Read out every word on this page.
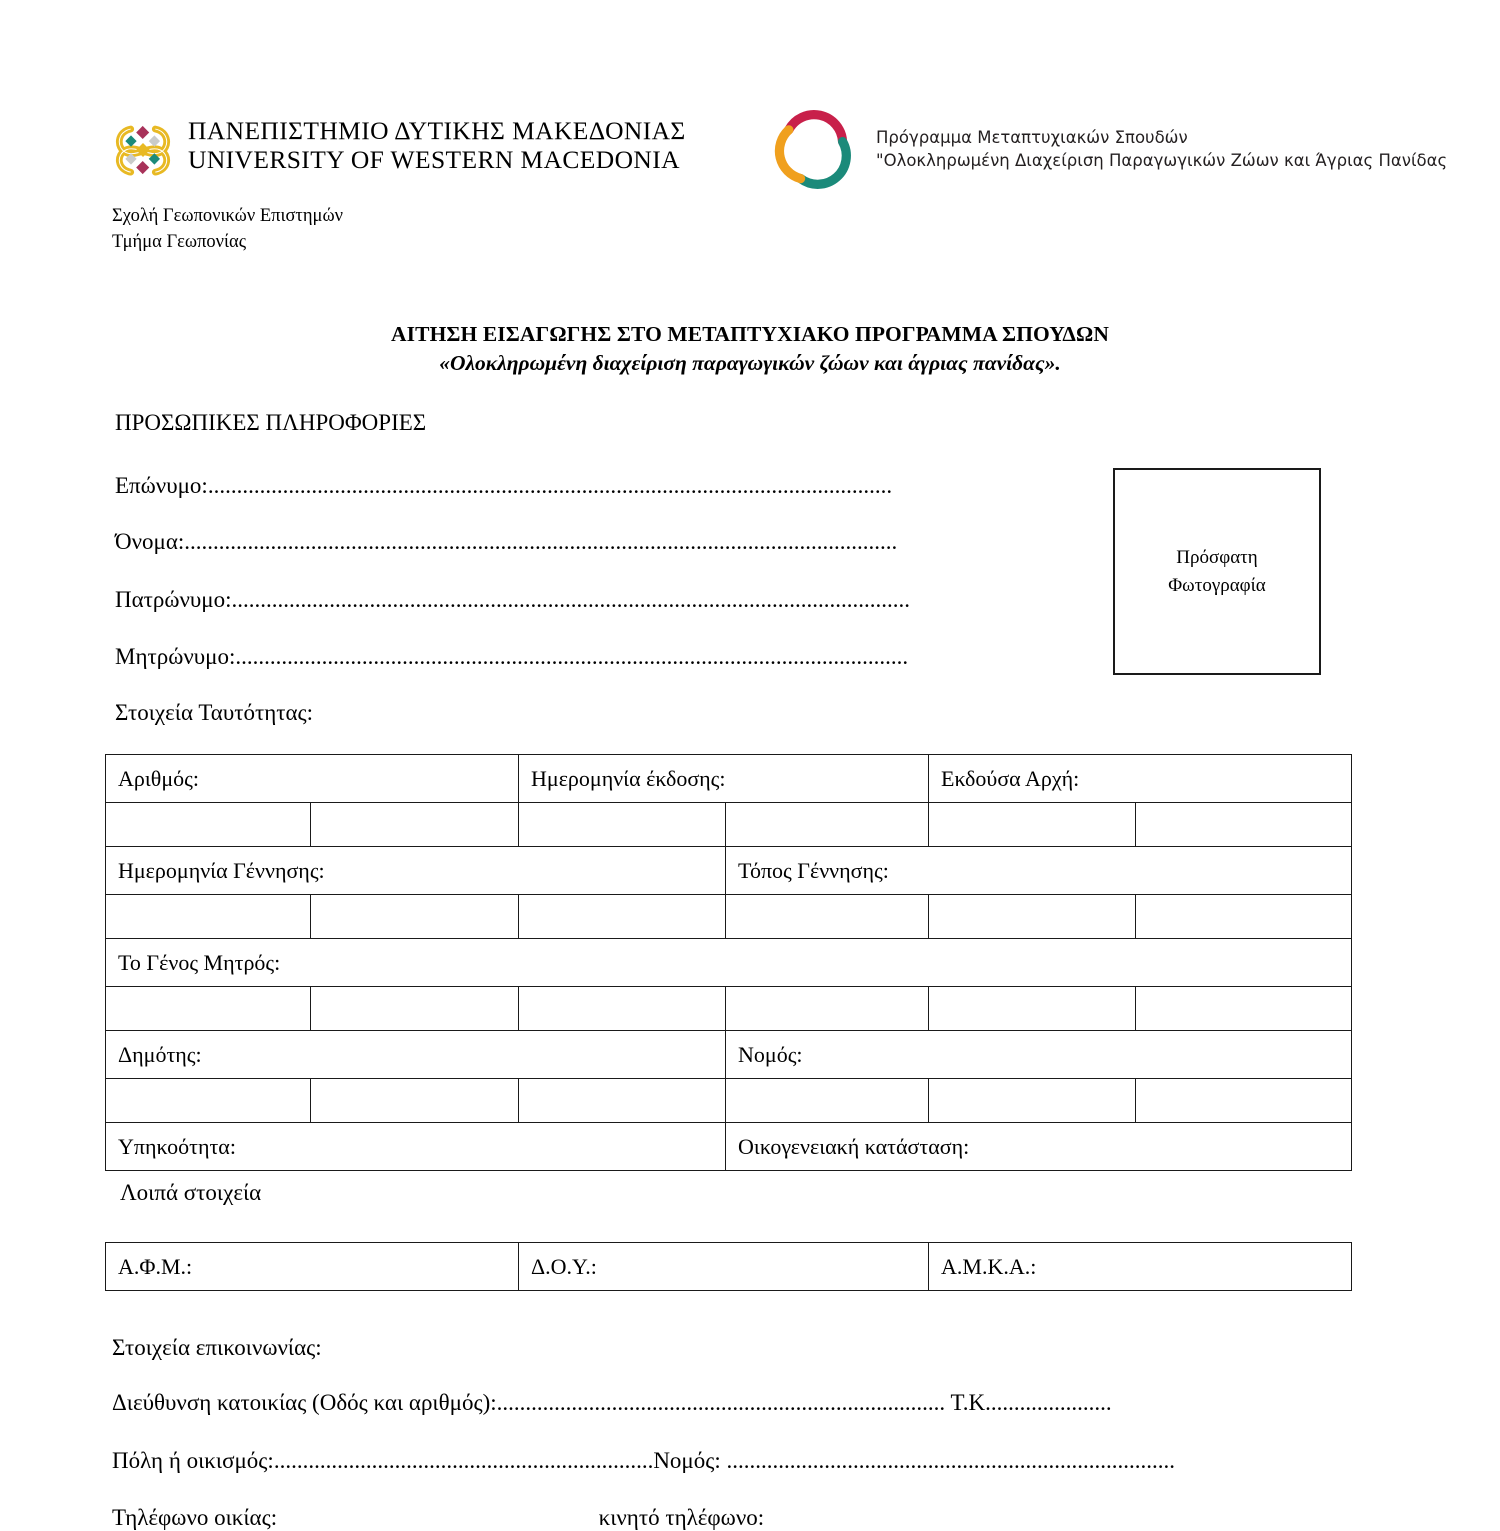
ΠΑΝΕΠΙΣΤΗΜΙΟ ΔΥΤΙΚΗΣ ΜΑΚΕΔΟΝΙΑΣ
UNIVERSITY OF WESTERN MACEDONIA
Σχολή Γεωπονικών Επιστημών
Τμήμα Γεωπονίας
Πρόγραμμα Μεταπτυχιακών Σπουδών
"Ολοκληρωμένη Διαχείριση Παραγωγικών Ζώων και Άγριας Πανίδας
ΑΙΤΗΣΗ ΕΙΣΑΓΩΓΗΣ ΣΤΟ ΜΕΤΑΠΤΥΧΙΑΚΟ ΠΡΟΓΡΑΜΜΑ ΣΠΟΥΔΩΝ
«Ολοκληρωμένη διαχείριση παραγωγικών ζώων και άγριας πανίδας».
ΠΡΟΣΩΠΙΚΕΣ ΠΛΗΡΟΦΟΡΙΕΣ
Επώνυμο:.......................................................................................................................
Όνομα:............................................................................................................................
Πατρώνυμο:......................................................................................................................
Μητρώνυμο:.....................................................................................................................
Πρόσφατη
Φωτογραφία
Στοιχεία Ταυτότητας:
Αριθμός:		Ημερομηνία έκδοσης:		Εκδούσα Αρχή:	

Ημερομηνία Γέννησης:			Τόπος Γέννησης:		

Το Γένος Μητρός:					

Δημότης:			Νομός:		

Υπηκοότητα:			Οικογενειακή κατάσταση:		
Λοιπά στοιχεία
Α.Φ.Μ.:	Δ.Ο.Υ.:	Α.Μ.Κ.Α.:
Στοιχεία επικοινωνίας:
Διεύθυνση κατοικίας (Οδός και αριθμός):.............................................................................. Τ.Κ......................
Πόλη ή οικισμός:..................................................................Νομός: ..............................................................................
Τηλέφωνο οικίας:	κινητό τηλέφωνο:
